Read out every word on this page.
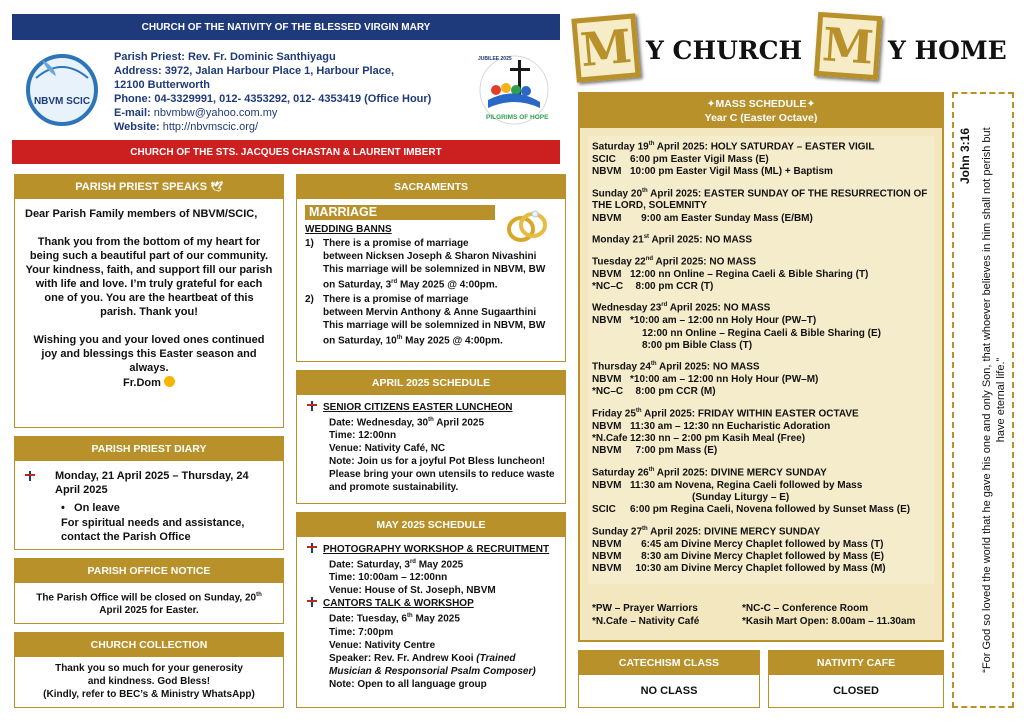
CHURCH OF THE NATIVITY OF THE BLESSED VIRGIN MARY
NBVM SCIC
Parish Priest: Rev. Fr. Dominic Santhiyagu
Address: 3972, Jalan Harbour Place 1, Harbour Place,
12100 Butterworth
Phone: 04-3329991, 012- 4353292, 012- 4353419 (Office Hour)
E-mail: nbvmbw@yahoo.com.my
Website: http://nbvmscic.org/
JUBILEE 2025
PILGRIMS OF HOPE
CHURCH OF THE STS. JACQUES CHASTAN & LAURENT IMBERT
M Y CHURCH M Y HOME
PARISH PRIEST SPEAKS 🕊
Dear Parish Family members of NBVM/SCIC,
Thank you from the bottom of my heart for being such a beautiful part of our community. Your kindness, faith, and support fill our parish with life and love. I’m truly grateful for each one of you. You are the heartbeat of this parish. Thank you!
Wishing you and your loved ones continued joy and blessings this Easter season and always.
Fr.Dom
PARISH PRIEST DIARY
Monday, 21 April 2025 – Thursday, 24 April 2025
•   On leave
For spiritual needs and assistance, contact the Parish Office
PARISH OFFICE NOTICE
The Parish Office will be closed on Sunday, 20th April 2025 for Easter.
CHURCH COLLECTION
Thank you so much for your generosity
and kindness. God Bless!
(Kindly, refer to BEC’s & Ministry WhatsApp)
SACRAMENTS
MARRIAGE
WEDDING BANNS
1) There is a promise of marriage
between Nicksen Joseph & Sharon Nivashini
This marriage will be solemnized in NBVM, BW
on Saturday, 3rd May 2025 @ 4:00pm.
2) There is a promise of marriage
between Mervin Anthony & Anne Sugaarthini
This marriage will be solemnized in NBVM, BW
on Saturday, 10th May 2025 @ 4:00pm.
APRIL 2025 SCHEDULE
SENIOR CITIZENS EASTER LUNCHEON
Date: Wednesday, 30th April 2025
Time: 12:00nn
Venue: Nativity Café, NC
Note: Join us for a joyful Pot Bless luncheon! Please bring your own utensils to reduce waste and promote sustainability.
MAY 2025 SCHEDULE
PHOTOGRAPHY WORKSHOP & RECRUITMENT
Date: Saturday, 3rd May 2025
Time: 10:00am – 12:00nn
Venue: House of St. Joseph, NBVM
CANTORS TALK & WORKSHOP
Date: Tuesday, 6th May 2025
Time: 7:00pm
Venue: Nativity Centre
Speaker: Rev. Fr. Andrew Kooi (Trained Musician & Responsorial Psalm Composer)
Note: Open to all language group
✦MASS SCHEDULE✦
Year C (Easter Octave)
Saturday 19th April 2025: HOLY SATURDAY – EASTER VIGIL
SCIC	6:00 pm Easter Vigil Mass (E)
NBVM 10:00 pm Easter Vigil Mass (ML) + Baptism
Sunday 20th April 2025: EASTER SUNDAY OF THE RESURRECTION OF THE LORD, SOLEMNITY
NBVM 9:00 am Easter Sunday Mass (E/BM)
Monday 21st April 2025: NO MASS
Tuesday 22nd April 2025: NO MASS
NBVM 12:00 nn Online – Regina Caeli & Bible Sharing (T)
*NC–C 8:00 pm CCR (T)
Wednesday 23rd April 2025: NO MASS
NBVM *10:00 am – 12:00 nn Holy Hour (PW–T)
12:00 nn Online – Regina Caeli & Bible Sharing (E)
8:00 pm Bible Class (T)
Thursday 24th April 2025: NO MASS
NBVM *10:00 am – 12:00 nn Holy Hour (PW–M)
*NC–C 8:00 pm CCR (M)
Friday 25th April 2025: FRIDAY WITHIN EASTER OCTAVE
NBVM 11:30 am – 12:30 nn Eucharistic Adoration
*N.Cafe 12:30 nn – 2:00 pm Kasih Meal (Free)
NBVM 7:00 pm Mass (E)
Saturday 26th April 2025: DIVINE MERCY SUNDAY
NBVM 11:30 am Novena, Regina Caeli followed by Mass
(Sunday Liturgy – E)
SCIC	6:00 pm Regina Caeli, Novena followed by Sunset Mass (E)
Sunday 27th April 2025: DIVINE MERCY SUNDAY
NBVM 6:45 am Divine Mercy Chaplet followed by Mass (T)
NBVM 8:30 am Divine Mercy Chaplet followed by Mass (E)
NBVM 10:30 am Divine Mercy Chaplet followed by Mass (M)
*PW – Prayer Warriors	*NC-C – Conference Room
*N.Cafe – Nativity Café	*Kasih Mart Open: 8.00am – 11.30am
CATECHISM CLASS
NO CLASS
NATIVITY CAFE
CLOSED
John 3:16 “For God so loved the world that he gave his one and only Son, that whoever believes in him shall not perish but have eternal life.”
